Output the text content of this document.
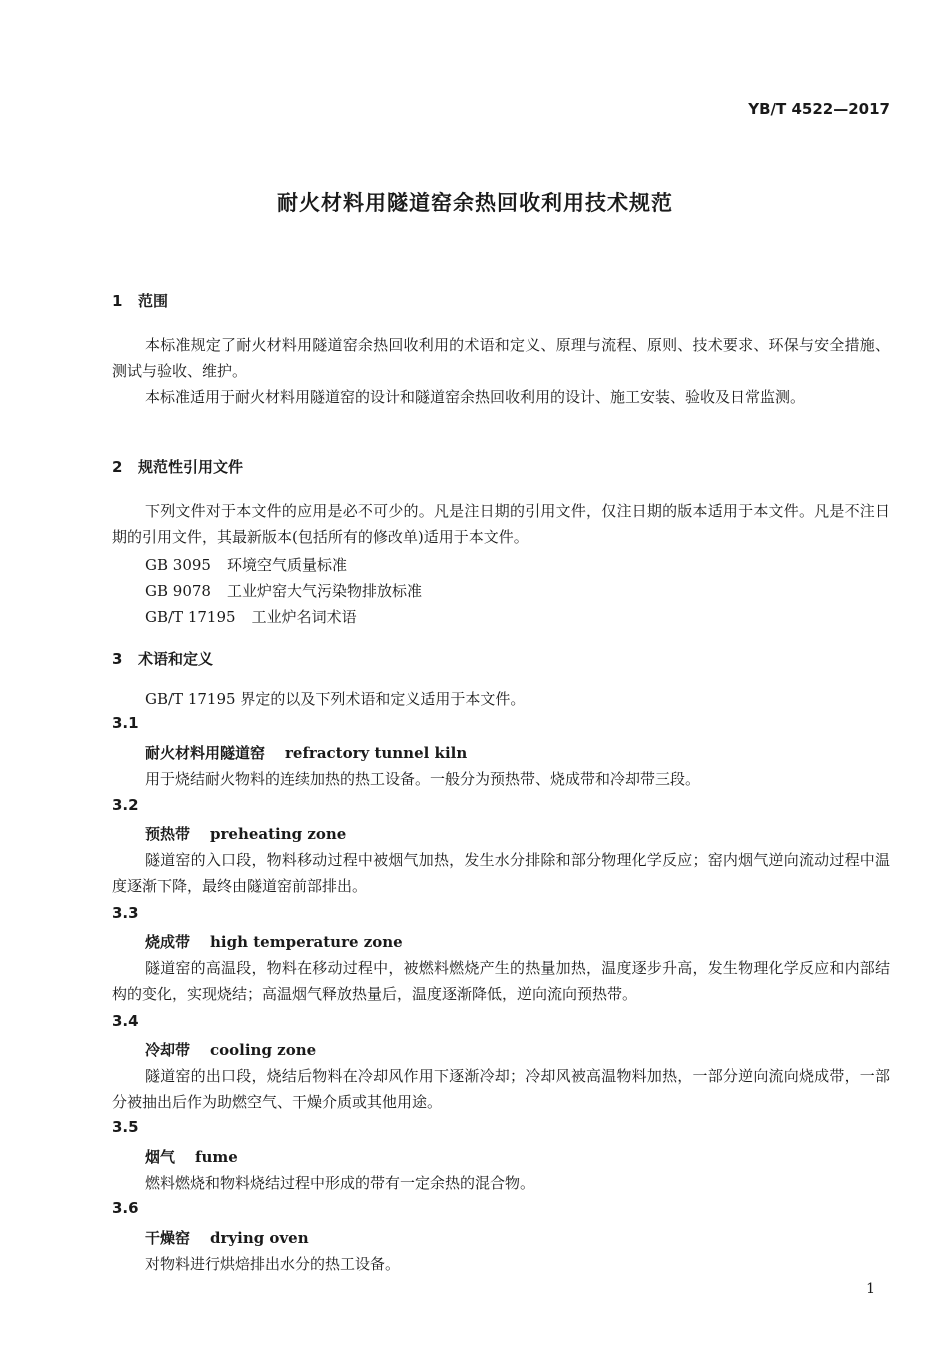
YB/T 4522—2017
耐火材料用隧道窑余热回收利用技术规范
1 范围
本标准规定了耐火材料用隧道窑余热回收利用的术语和定义、原理与流程、原则、技术要求、环保与安全措施、测试与验收、维护。
本标准适用于耐火材料用隧道窑的设计和隧道窑余热回收利用的设计、施工安装、验收及日常监测。
2 规范性引用文件
下列文件对于本文件的应用是必不可少的。凡是注日期的引用文件，仅注日期的版本适用于本文件。凡是不注日期的引用文件，其最新版本(包括所有的修改单)适用于本文件。
GB 3095 环境空气质量标准
GB 9078 工业炉窑大气污染物排放标准
GB/T 17195 工业炉名词术语
3 术语和定义
GB/T 17195 界定的以及下列术语和定义适用于本文件。
3.1
耐火材料用隧道窑 refractory tunnel kiln
用于烧结耐火物料的连续加热的热工设备。一般分为预热带、烧成带和冷却带三段。
3.2
预热带 preheating zone
隧道窑的入口段，物料移动过程中被烟气加热，发生水分排除和部分物理化学反应；窑内烟气逆向流动过程中温度逐渐下降，最终由隧道窑前部排出。
3.3
烧成带 high temperature zone
隧道窑的高温段，物料在移动过程中，被燃料燃烧产生的热量加热，温度逐步升高，发生物理化学反应和内部结构的变化，实现烧结；高温烟气释放热量后，温度逐渐降低，逆向流向预热带。
3.4
冷却带 cooling zone
隧道窑的出口段，烧结后物料在冷却风作用下逐渐冷却；冷却风被高温物料加热，一部分逆向流向烧成带，一部分被抽出后作为助燃空气、干燥介质或其他用途。
3.5
烟气 fume
燃料燃烧和物料烧结过程中形成的带有一定余热的混合物。
3.6
干燥窑 drying oven
对物料进行烘焙排出水分的热工设备。
1
